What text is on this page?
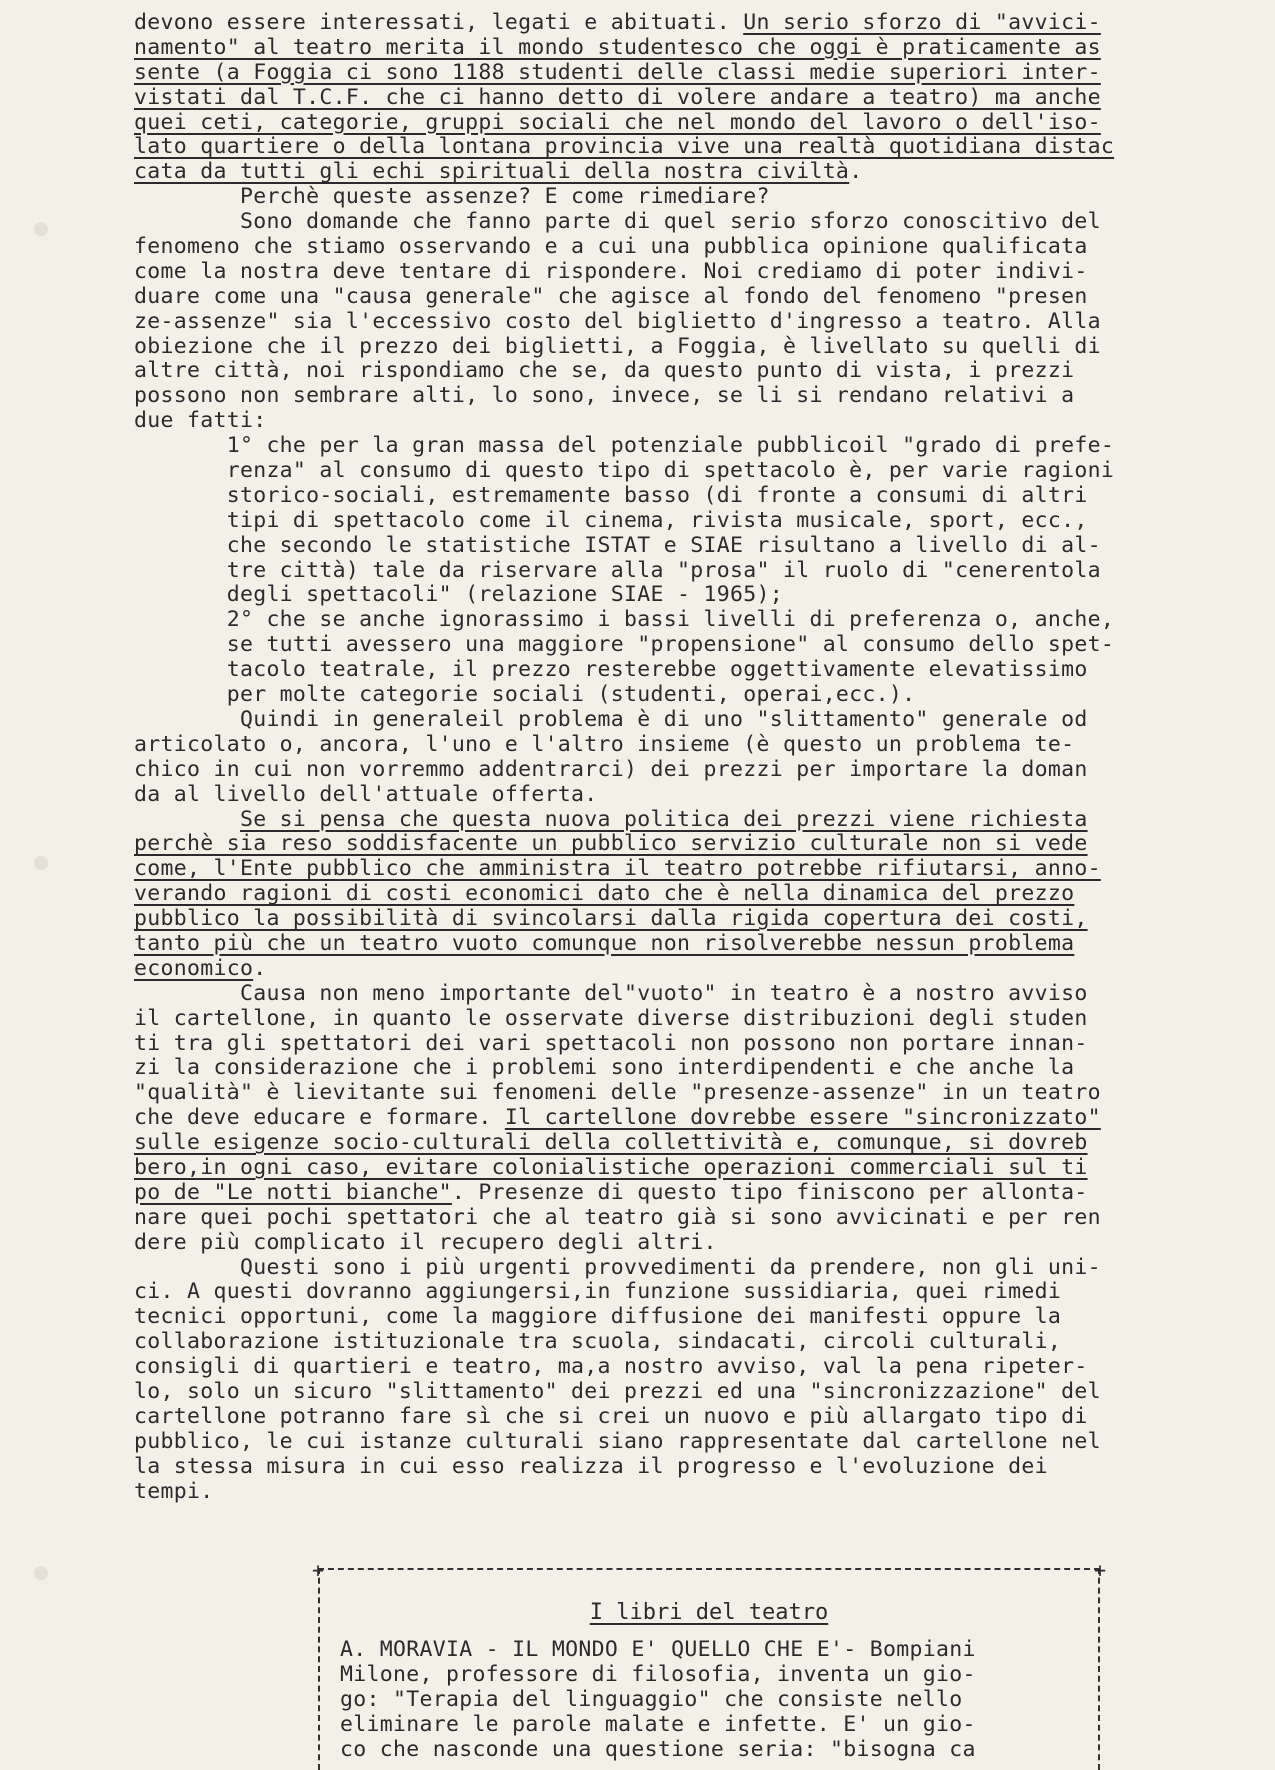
devono essere interessati, legati e abituati. Un serio sforzo di "avvici-
namento" al teatro merita il mondo studentesco che oggi è praticamente as
sente (a Foggia ci sono 1188 studenti delle classi medie superiori inter-
vistati dal T.C.F. che ci hanno detto di volere andare a teatro) ma anche
quei ceti, categorie, gruppi sociali che nel mondo del lavoro o dell'iso-
lato quartiere o della lontana provincia vive una realtà quotidiana distac
cata da tutti gli echi spirituali della nostra civiltà.
Perchè queste assenze? E come rimediare?
Sono domande che fanno parte di quel serio sforzo conoscitivo del
fenomeno che stiamo osservando e a cui una pubblica opinione qualificata
come la nostra deve tentare di rispondere. Noi crediamo di poter indivi-
duare come una "causa generale" che agisce al fondo del fenomeno "presen
ze-assenze" sia l'eccessivo costo del biglietto d'ingresso a teatro. Alla
obiezione che il prezzo dei biglietti, a Foggia, è livellato su quelli di
altre città, noi rispondiamo che se, da questo punto di vista, i prezzi
possono non sembrare alti, lo sono, invece, se li si rendano relativi a
due fatti:
1° che per la gran massa del potenziale pubblicoil "grado di prefe-
renza" al consumo di questo tipo di spettacolo è, per varie ragioni
storico-sociali, estremamente basso (di fronte a consumi di altri
tipi di spettacolo come il cinema, rivista musicale, sport, ecc.,
che secondo le statistiche ISTAT e SIAE risultano a livello di al-
tre città) tale da riservare alla "prosa" il ruolo di "cenerentola
degli spettacoli" (relazione SIAE - 1965);
2° che se anche ignorassimo i bassi livelli di preferenza o, anche,
se tutti avessero una maggiore "propensione" al consumo dello spet-
tacolo teatrale, il prezzo resterebbe oggettivamente elevatissimo
per molte categorie sociali (studenti, operai,ecc.).
Quindi in generaleil problema è di uno "slittamento" generale od
articolato o, ancora, l'uno e l'altro insieme (è questo un problema te-
chico in cui non vorremmo addentrarci) dei prezzi per importare la doman
da al livello dell'attuale offerta.
Se si pensa che questa nuova politica dei prezzi viene richiesta
perchè sia reso soddisfacente un pubblico servizio culturale non si vede
come, l'Ente pubblico che amministra il teatro potrebbe rifiutarsi, anno-
verando ragioni di costi economici dato che è nella dinamica del prezzo
pubblico la possibilità di svincolarsi dalla rigida copertura dei costi,
tanto più che un teatro vuoto comunque non risolverebbe nessun problema
economico.
Causa non meno importante del"vuoto" in teatro è a nostro avviso
il cartellone, in quanto le osservate diverse distribuzioni degli studen
ti tra gli spettatori dei vari spettacoli non possono non portare innan-
zi la considerazione che i problemi sono interdipendenti e che anche la
"qualità" è lievitante sui fenomeni delle "presenze-assenze" in un teatro
che deve educare e formare. Il cartellone dovrebbe essere "sincronizzato"
sulle esigenze socio-culturali della collettività e, comunque, si dovreb
bero,in ogni caso, evitare colonialistiche operazioni commerciali sul ti
po de "Le notti bianche". Presenze di questo tipo finiscono per allonta-
nare quei pochi spettatori che al teatro già si sono avvicinati e per ren
dere più complicato il recupero degli altri.
Questi sono i più urgenti provvedimenti da prendere, non gli uni-
ci. A questi dovranno aggiungersi,in funzione sussidiaria, quei rimedi
tecnici opportuni, come la maggiore diffusione dei manifesti oppure la
collaborazione istituzionale tra scuola, sindacati, circoli culturali,
consigli di quartieri e teatro, ma,a nostro avviso, val la pena ripeter-
lo, solo un sicuro "slittamento" dei prezzi ed una "sincronizzazione" del
cartellone potranno fare sì che si crei un nuovo e più allargato tipo di
pubblico, le cui istanze culturali siano rappresentate dal cartellone nel
la stessa misura in cui esso realizza il progresso e l'evoluzione dei
tempi.
+	+
I libri del teatro
A. MORAVIA - IL MONDO E' QUELLO CHE E'- Bompiani
Milone, professore di filosofia, inventa un gio-
go: "Terapia del linguaggio" che consiste nello
eliminare le parole malate e infette. E' un gio-
co che nasconde una questione seria: "bisogna ca
